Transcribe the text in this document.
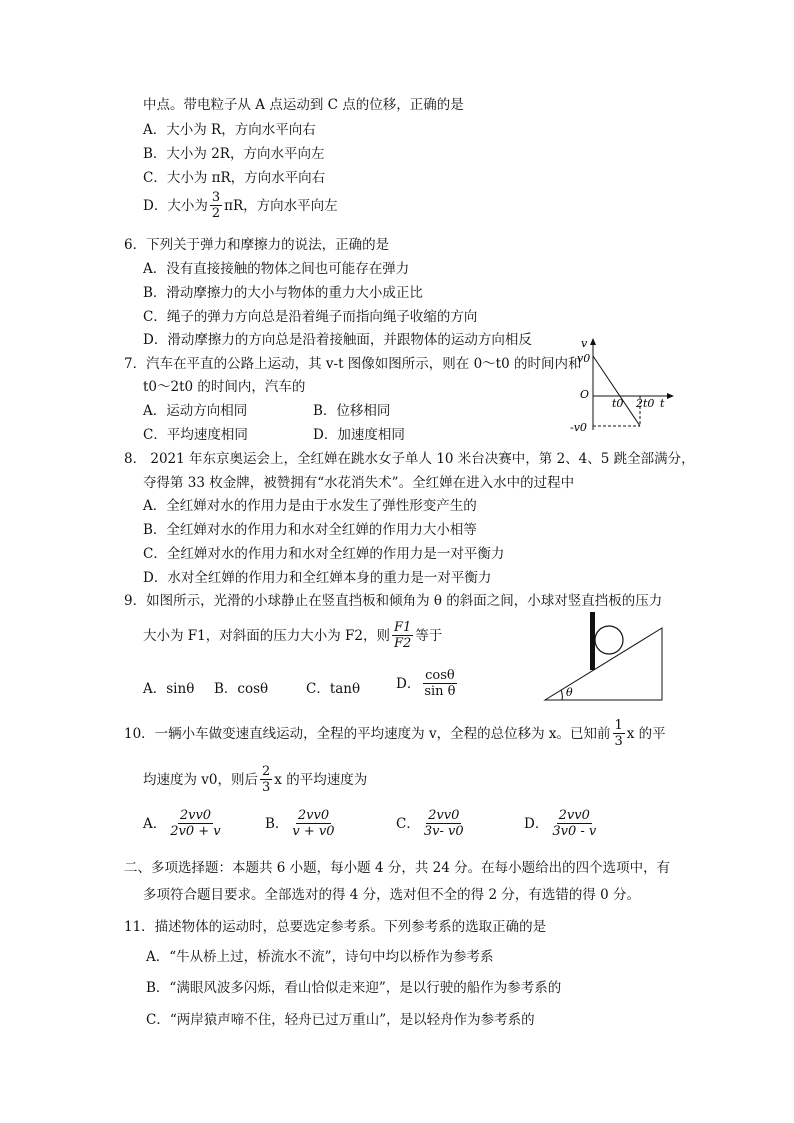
中点。带电粒子从 A 点运动到 C 点的位移，正确的是
A．大小为 R，方向水平向右
B．大小为 2R，方向水平向左
C．大小为 πR，方向水平向右
D．大小为 $\frac{3}{2}$ πR，方向水平向左
6．下列关于弹力和摩擦力的说法，正确的是
A．没有直接接触的物体之间也可能存在弹力
B．滑动摩擦力的大小与物体的重力大小成正比
C．绳子的弹力方向总是沿着绳子而指向绳子收缩的方向
D．滑动摩擦力的方向总是沿着接触面，并跟物体的运动方向相反
7．汽车在平直的公路上运动，其 v-t 图像如图所示，则在 0～t0 的时间内和
t0～2t0 的时间内，汽车的
A．运动方向相同	B．位移相同
C．平均速度相同	D．加速度相同
v
v0
O
t0 2t0 t
-v0
8． 2021 年东京奥运会上，全红婵在跳水女子单人 10 米台决赛中，第 2、4、5 跳全部满分，
夺得第 33 枚金牌，被赞拥有“水花消失术”。全红婵在进入水中的过程中
A．全红婵对水的作用力是由于水发生了弹性形变产生的
B．全红婵对水的作用力和水对全红婵的作用力大小相等
C．全红婵对水的作用力和水对全红婵的作用力是一对平衡力
D．水对全红婵的作用力和全红婵本身的重力是一对平衡力
9．如图所示，光滑的小球静止在竖直挡板和倾角为 θ 的斜面之间，小球对竖直挡板的压力
大小为 F1，对斜面的压力大小为 F2，则 $\frac{F1}{F2}$ 等于
A．sinθ B．cosθ	C．tanθ	D． $\frac{\cos\theta}{\text{sin θ}}$	θ
10．一辆小车做变速直线运动，全程的平均速度为 v，全程的总位移为 x。已知前 $\frac{1}{3}$ x 的平
均速度为 v0，则后 $\frac{2}{3}$ x 的平均速度为
A． $\frac{2vv0}{2v0 + v}$	B． $\frac{2vv0}{v + v0}$	C． $\frac{2vv0}{3v- v0}$	D． $\frac{2vv0}{3v0 - v}$
二、多项选择题：本题共 6 小题，每小题 4 分，共 24 分。在每小题给出的四个选项中，有
多项符合题目要求。全部选对的得 4 分，选对但不全的得 2 分，有选错的得 0 分。
11．描述物体的运动时，总要选定参考系。下列参考系的选取正确的是
A．“牛从桥上过，桥流水不流”，诗句中均以桥作为参考系
B．“满眼风波多闪烁，看山恰似走来迎”，是以行驶的船作为参考系的
C．“两岸猿声啼不住，轻舟已过万重山”，是以轻舟作为参考系的
